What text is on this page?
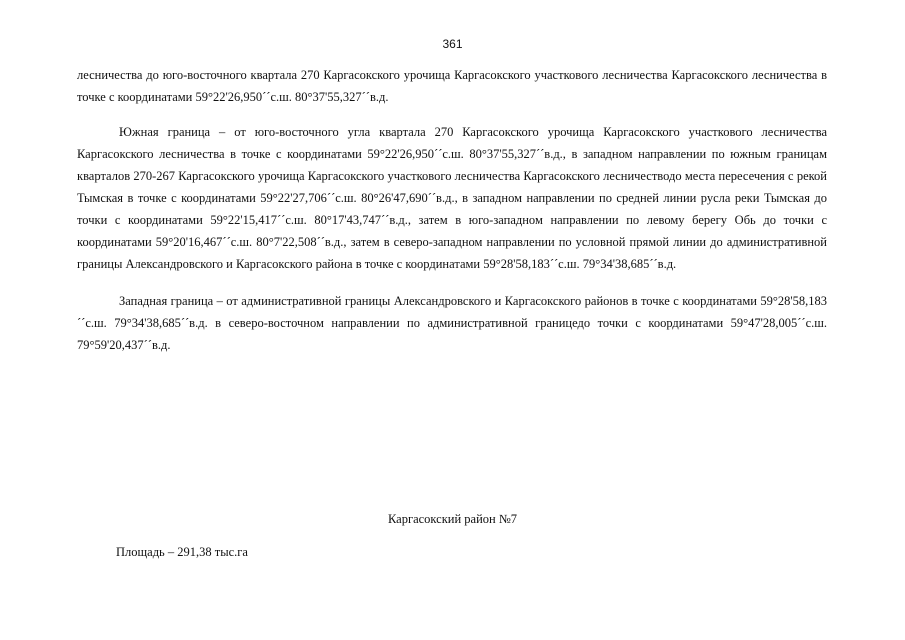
361

лесничества до юго-восточного квартала 270 Каргасокского урочища Каргасокского участкового лесничества Каргасокского лесничества в точке с координатами 59°22'26,950´´с.ш. 80°37'55,327´´в.д.

Южная граница – от юго-восточного угла квартала 270 Каргасокского урочища Каргасокского участкового лесничества Каргасокского лесничества в точке с координатами 59°22'26,950´´с.ш. 80°37'55,327´´в.д., в западном направлении по южным границам кварталов 270-267 Каргасокского урочища Каргасокского участкового лесничества Каргасокского лесничестводо места пересечения с рекой Тымская в точке с координатами 59°22'27,706´´с.ш. 80°26'47,690´´в.д., в западном направлении по средней линии русла реки Тымская до точки с координатами 59°22'15,417´´с.ш. 80°17'43,747´´в.д., затем в юго-западном направлении по левому берегу Обь до точки с координатами 59°20'16,467´´с.ш. 80°7'22,508´´в.д., затем в северо-западном направлении по условной прямой линии до административной границы Александровского и Каргасокского района в точке с координатами 59°28'58,183´´с.ш. 79°34'38,685´´в.д.

Западная граница – от административной границы Александровского и Каргасокского районов в точке с координатами 59°28'58,183´´с.ш. 79°34'38,685´´в.д. в северо-восточном направлении по административной границедо точки с координатами 59°47'28,005´´с.ш. 79°59'20,437´´в.д.

Каргасокский район №7
Площадь – 291,38 тыс.га
